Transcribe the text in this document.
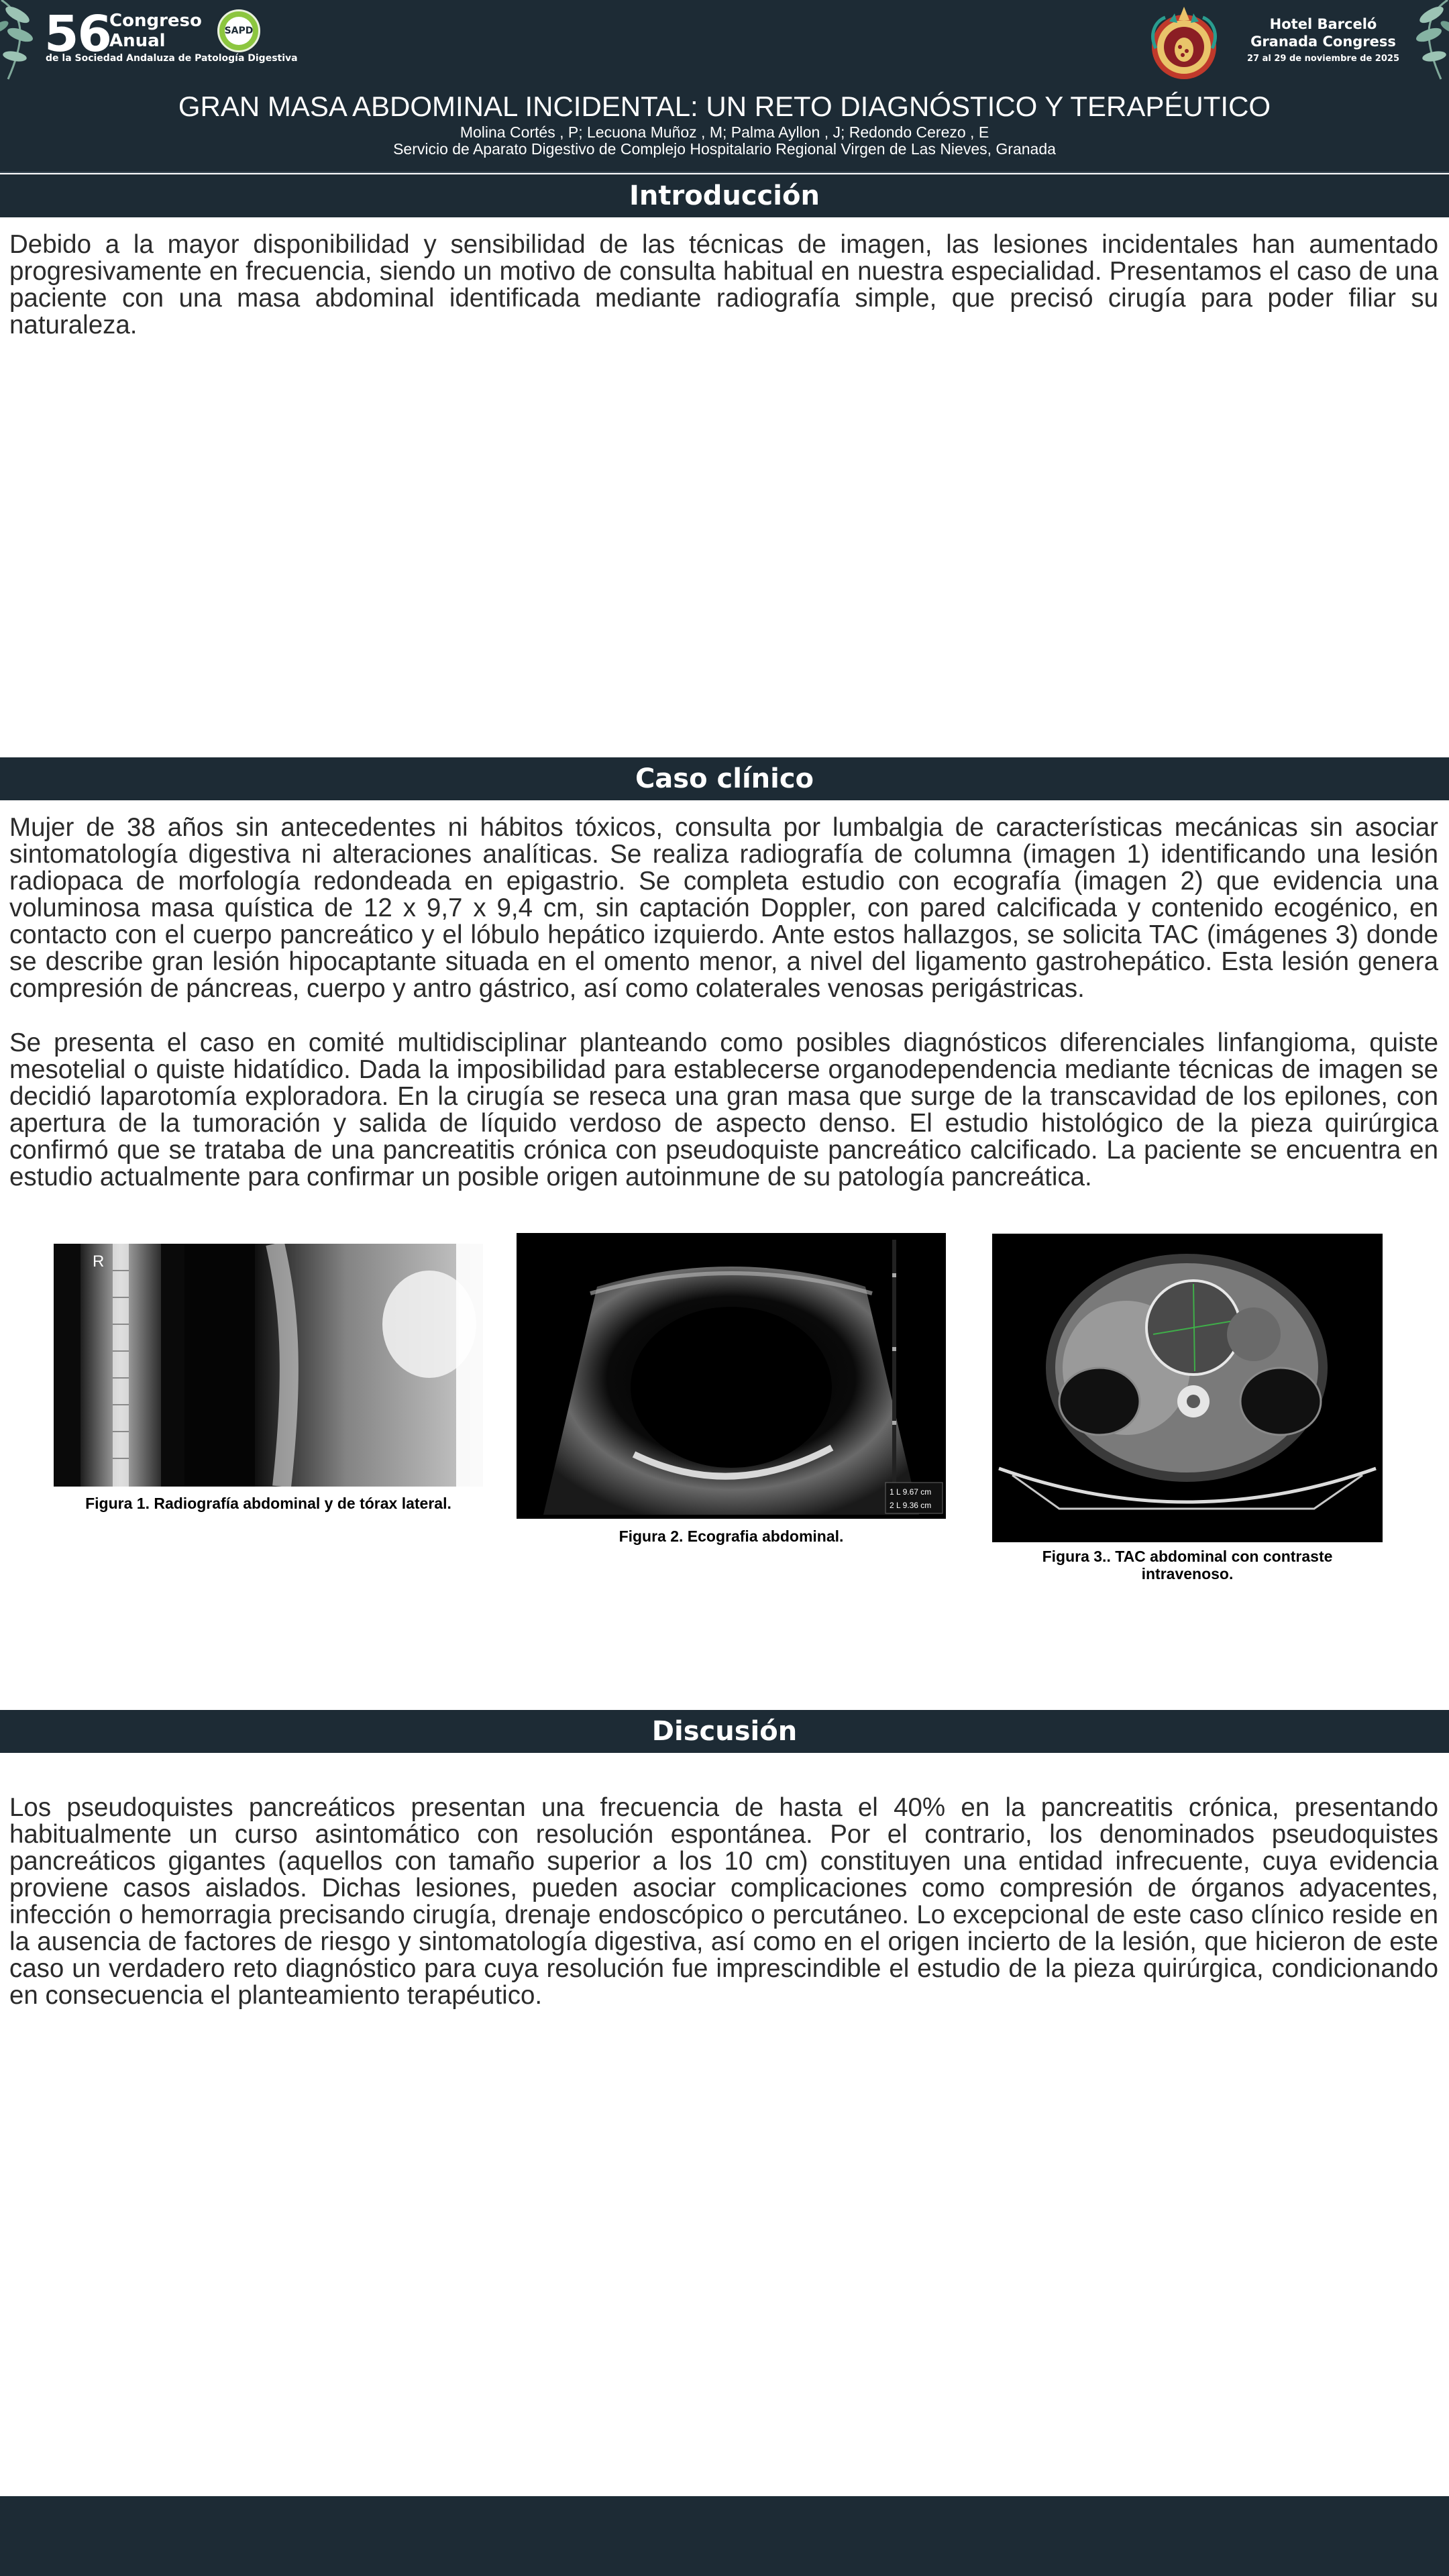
56
Congreso
Anual
de la Sociedad Andaluza de Patología Digestiva
SAPD	Hotel Barceló
Granada Congress
27 al 29 de noviembre de 2025
GRAN MASA ABDOMINAL INCIDENTAL: UN RETO DIAGNÓSTICO Y TERAPÉUTICO
Molina Cortés , P; Lecuona Muñoz , M; Palma Ayllon , J; Redondo Cerezo , E
Servicio de Aparato Digestivo de Complejo Hospitalario Regional Virgen de Las Nieves, Granada
Introducción

Debido a la mayor disponibilidad y sensibilidad de las técnicas de imagen, las lesiones incidentales han aumentado progresivamente en frecuencia, siendo un motivo de consulta habitual en nuestra especialidad. Presentamos el caso de una paciente con una masa abdominal identificada mediante radiografía simple, que precisó cirugía para poder filiar su naturaleza.

Caso clínico

Mujer de 38 años sin antecedentes ni hábitos tóxicos, consulta por lumbalgia de características mecánicas sin asociar sintomatología digestiva ni alteraciones analíticas. Se realiza radiografía de columna (imagen 1) identificando una lesión radiopaca de morfología redondeada en epigastrio. Se completa estudio con ecografía (imagen 2) que evidencia una voluminosa masa quística de 12 x 9,7 x 9,4 cm, sin captación Doppler, con pared calcificada y contenido ecogénico, en contacto con el cuerpo pancreático y el lóbulo hepático izquierdo. Ante estos hallazgos, se solicita TAC (imágenes 3) donde se describe gran lesión hipocaptante situada en el omento menor, a nivel del ligamento gastrohepático. Esta lesión genera compresión de páncreas, cuerpo y antro gástrico, así como colaterales venosas perigástricas.

Se presenta el caso en comité multidisciplinar planteando como posibles diagnósticos diferenciales linfangioma, quiste mesotelial o quiste hidatídico. Dada la imposibilidad para establecerse organodependencia mediante técnicas de imagen se decidió laparotomía exploradora. En la cirugía se reseca una gran masa que surge de la transcavidad de los epilones, con apertura de la tumoración y salida de líquido verdoso de aspecto denso. El estudio histológico de la pieza quirúrgica confirmó que se trataba de una pancreatitis crónica con pseudoquiste pancreático calcificado. La paciente se encuentra en estudio actualmente para confirmar un posible origen autoinmune de su patología pancreática.

R
Figura 1. Radiografía abdominal y de tórax lateral.
1 L 9.67 cm
2 L 9.36 cm
Figura 2. Ecografia abdominal.
Figura 3.. TAC abdominal con contraste intravenoso.
Discusión

Los pseudoquistes pancreáticos presentan una frecuencia de hasta el 40% en la pancreatitis crónica, presentando habitualmente un curso asintomático con resolución espontánea. Por el contrario, los denominados pseudoquistes pancreáticos gigantes (aquellos con tamaño superior a los 10 cm) constituyen una entidad infrecuente, cuya evidencia proviene casos aislados. Dichas lesiones, pueden asociar complicaciones como compresión de órganos adyacentes, infección o hemorragia precisando cirugía, drenaje endoscópico o percutáneo. Lo excepcional de este caso clínico reside en la ausencia de factores de riesgo y sintomatología digestiva, así como en el origen incierto de la lesión, que hicieron de este caso un verdadero reto diagnóstico para cuya resolución fue imprescindible el estudio de la pieza quirúrgica, condicionando en consecuencia el planteamiento terapéutico.
